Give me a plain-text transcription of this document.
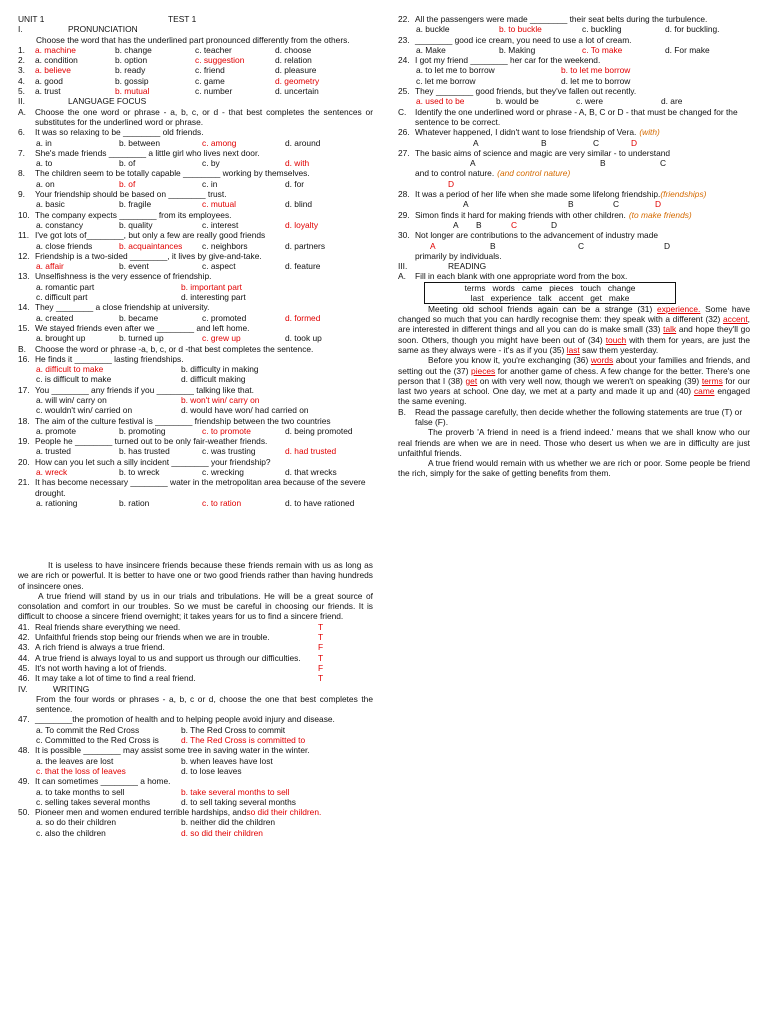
UNIT 1	TEST 1
I.	PRONUNCIATION

Choose the word that has the underlined part pronounced differently from the others.

1.	a. machine	b. change	c. teacher	d. choose
2.	a. condition	b. option	c. suggestion	d. relation
3.	a. believe	b. ready	c. friend	d. pleasure
4.	a. good	b. gossip	c. game	d. geometry
5.	a. trust	b. mutual	c. number	d. uncertain
II.	LANGUAGE FOCUS
A.	Choose the one word or phrase - a, b, c, or d - that best completes the sentences or substitutes for the underlined word or phrase.
6.	It was so relaxing to be ________ old friends.
a. in	b. between	c. among	d. around
7.	She's made friends ________ a little girl who lives next door.
a. to	b. of	c. by	d. with
8.	The children seem to be totally capable ________ working by themselves.
a. on	b. of	c. in	d. for
9.	Your friendship should be based on ________ trust.
a. basic	b. fragile	c. mutual	d. blind
10. The company expects ________ from its employees.
a. constancy	b. quality	c. interest	d. loyalty
11. I've got lots of________, but only a few are really good friends
a. close friends	b. acquaintances	c. neighbors	d. partners
12. Friendship is a two-sided ________, it lives by give-and-take.
a. affair	b. event	c. aspect	d. feature
13. Unselfishness is the very essence of friendship.
a. romantic part	b. important part
c. difficult part	d. interesting part
14. They ________ a close friendship at university.
a. created	b. became	c. promoted	d. formed
15. We stayed friends even after we ________ and left home.
a. brought up	b. turned up	c. grew up	d. took up
B.	Choose the word or phrase -a, b, c, or d -that best completes the sentence.
16. He finds it ________ lasting friendships.
a. difficult to make	b. difficulty in making
c. is difficult to make	d. difficult making
17. You ________ any friends if you ________ talking like that.
a. will win/ carry on	b. won't win/ carry on
c. wouldn't win/ carried on	d. would have won/ had carried on
18. The aim of the culture festival is ________ friendship between the two countries
a. promote	b. promoting	c. to promote	d. being promoted
19. People he ________ turned out to be only fair-weather friends.
a. trusted	b. has trusted	c. was trusting	d. had trusted
20. How can you let such a silly incident ________ your friendship?
a. wreck	b. to wreck	c. wrecking	d. that wrecks
21. It has become necessary ________ water in the metropolitan area because of the severe drought.
a. rationing	b. ration	c. to ration	d. to have rationed
22. All the passengers were made ________ their seat belts during the turbulence.
a. buckle	b. to buckle	c. buckling	d. for buckling.
23. ________ good ice cream, you need to use a lot of cream.
a. Make	b. Making	c. To make	d. For make
24. I got my friend ________ her car for the weekend.
a. to let me to borrow	b. to let me borrow
c. let me borrow	d. let me to borrow
25. They ________ good friends, but they've fallen out recently.
a. used to be	b. would be	c. were	d. are
C.	Identify the one underlined word or phrase - A, B, C or D - that must be changed for the sentence to be correct.
26. Whatever happened, I didn't want to lose friendship of Vera. (with)
A	B	C	D
27. The basic aims of science and magic are very similar - to understand
A	B	C
and to control nature. (and control nature)
D
28. It was a period of her life when she made some lifelong friendship. (friendships)
A	B	C	D
29. Simon finds it hard for making friends with other children. (to make friends)
A	B	C	D
30. Not longer are contributions to the advancement of industry made
A	B	C	D
primarily by individuals.
III.	READING
A.	Fill in each blank with one appropriate word from the box.
terms   words   came   pieces   touch   change
last   experience   talk   accent   get   make

Meeting old school friends again can be a strange (31) experience. Some have changed so much that you can hardly recognise them: they speak with a different (32) accent, are interested in different things and all you can do is make small (33) talk and hope they'll go soon. Others, though you might have been out of (34) touch with them for years, are just the same as they always were - it's as if you (35) last saw them yesterday.

Before you know it, you're exchanging (36) words about your families and friends, and setting out the (37) pieces for another game of chess. A few change for the better. There's one person that I (38) get on with very well now, though we weren't on speaking (39) terms for our last two years at school. One day, we met at a party and made it up and (40) came engaged the same evening.

B.	Read the passage carefully, then decide whether the following statements are true (T) or false (F).

The proverb 'A friend in need is a friend indeed.' means that we shall know who our real friends are when we are in need. Those who desert us when we are in difficulty are just unfaithful friends.

A true friend would remain with us whether we are rich or poor. Some people be friend the rich, simply for the sake of getting benefits from them.

It is useless to have insincere friends because these friends remain with us as long as we are rich or powerful. It is better to have one or two good friends rather than having hundreds of insincere ones.

A true friend will stand by us in our trials and tribulations. He will be a great source of consolation and comfort in our troubles. So we must be careful in choosing our friends. It is difficult to choose a sincere friend overnight; it takes years for us to find a sincere friend.

41. Real friends share everything we need.	T
42. Unfaithful friends stop being our friends when we are in trouble.	T
43. A rich friend is always a true friend.	F
44. A true friend is always loyal to us and support us through our difficulties.	T
45. It's not worth having a lot of friends.	F
46. It may take a lot of time to find a real friend.	T
IV.	WRITING

From the four words or phrases - a, b, c or d, choose the one that best completes the sentence.

47. ________the promotion of health and to helping people avoid injury and disease.
a. To commit the Red Cross	b. The Red Cross to commit
c. Committed to the Red Cross is	d. The Red Cross is committed to
48. It is possible ________ may assist some tree in saving water in the winter.
a. the leaves are lost	b. when leaves have lost
c. that the loss of leaves	d. to lose leaves
49. It can sometimes ________ a home.
a. to take months to sell	b. take several months to sell
c. selling takes several months	d. to sell taking several months
50. Pioneer men and women endured terrible hardships, and so did their children.
a. so do their children	b. neither did the children
c. also the children	d. so did their children
